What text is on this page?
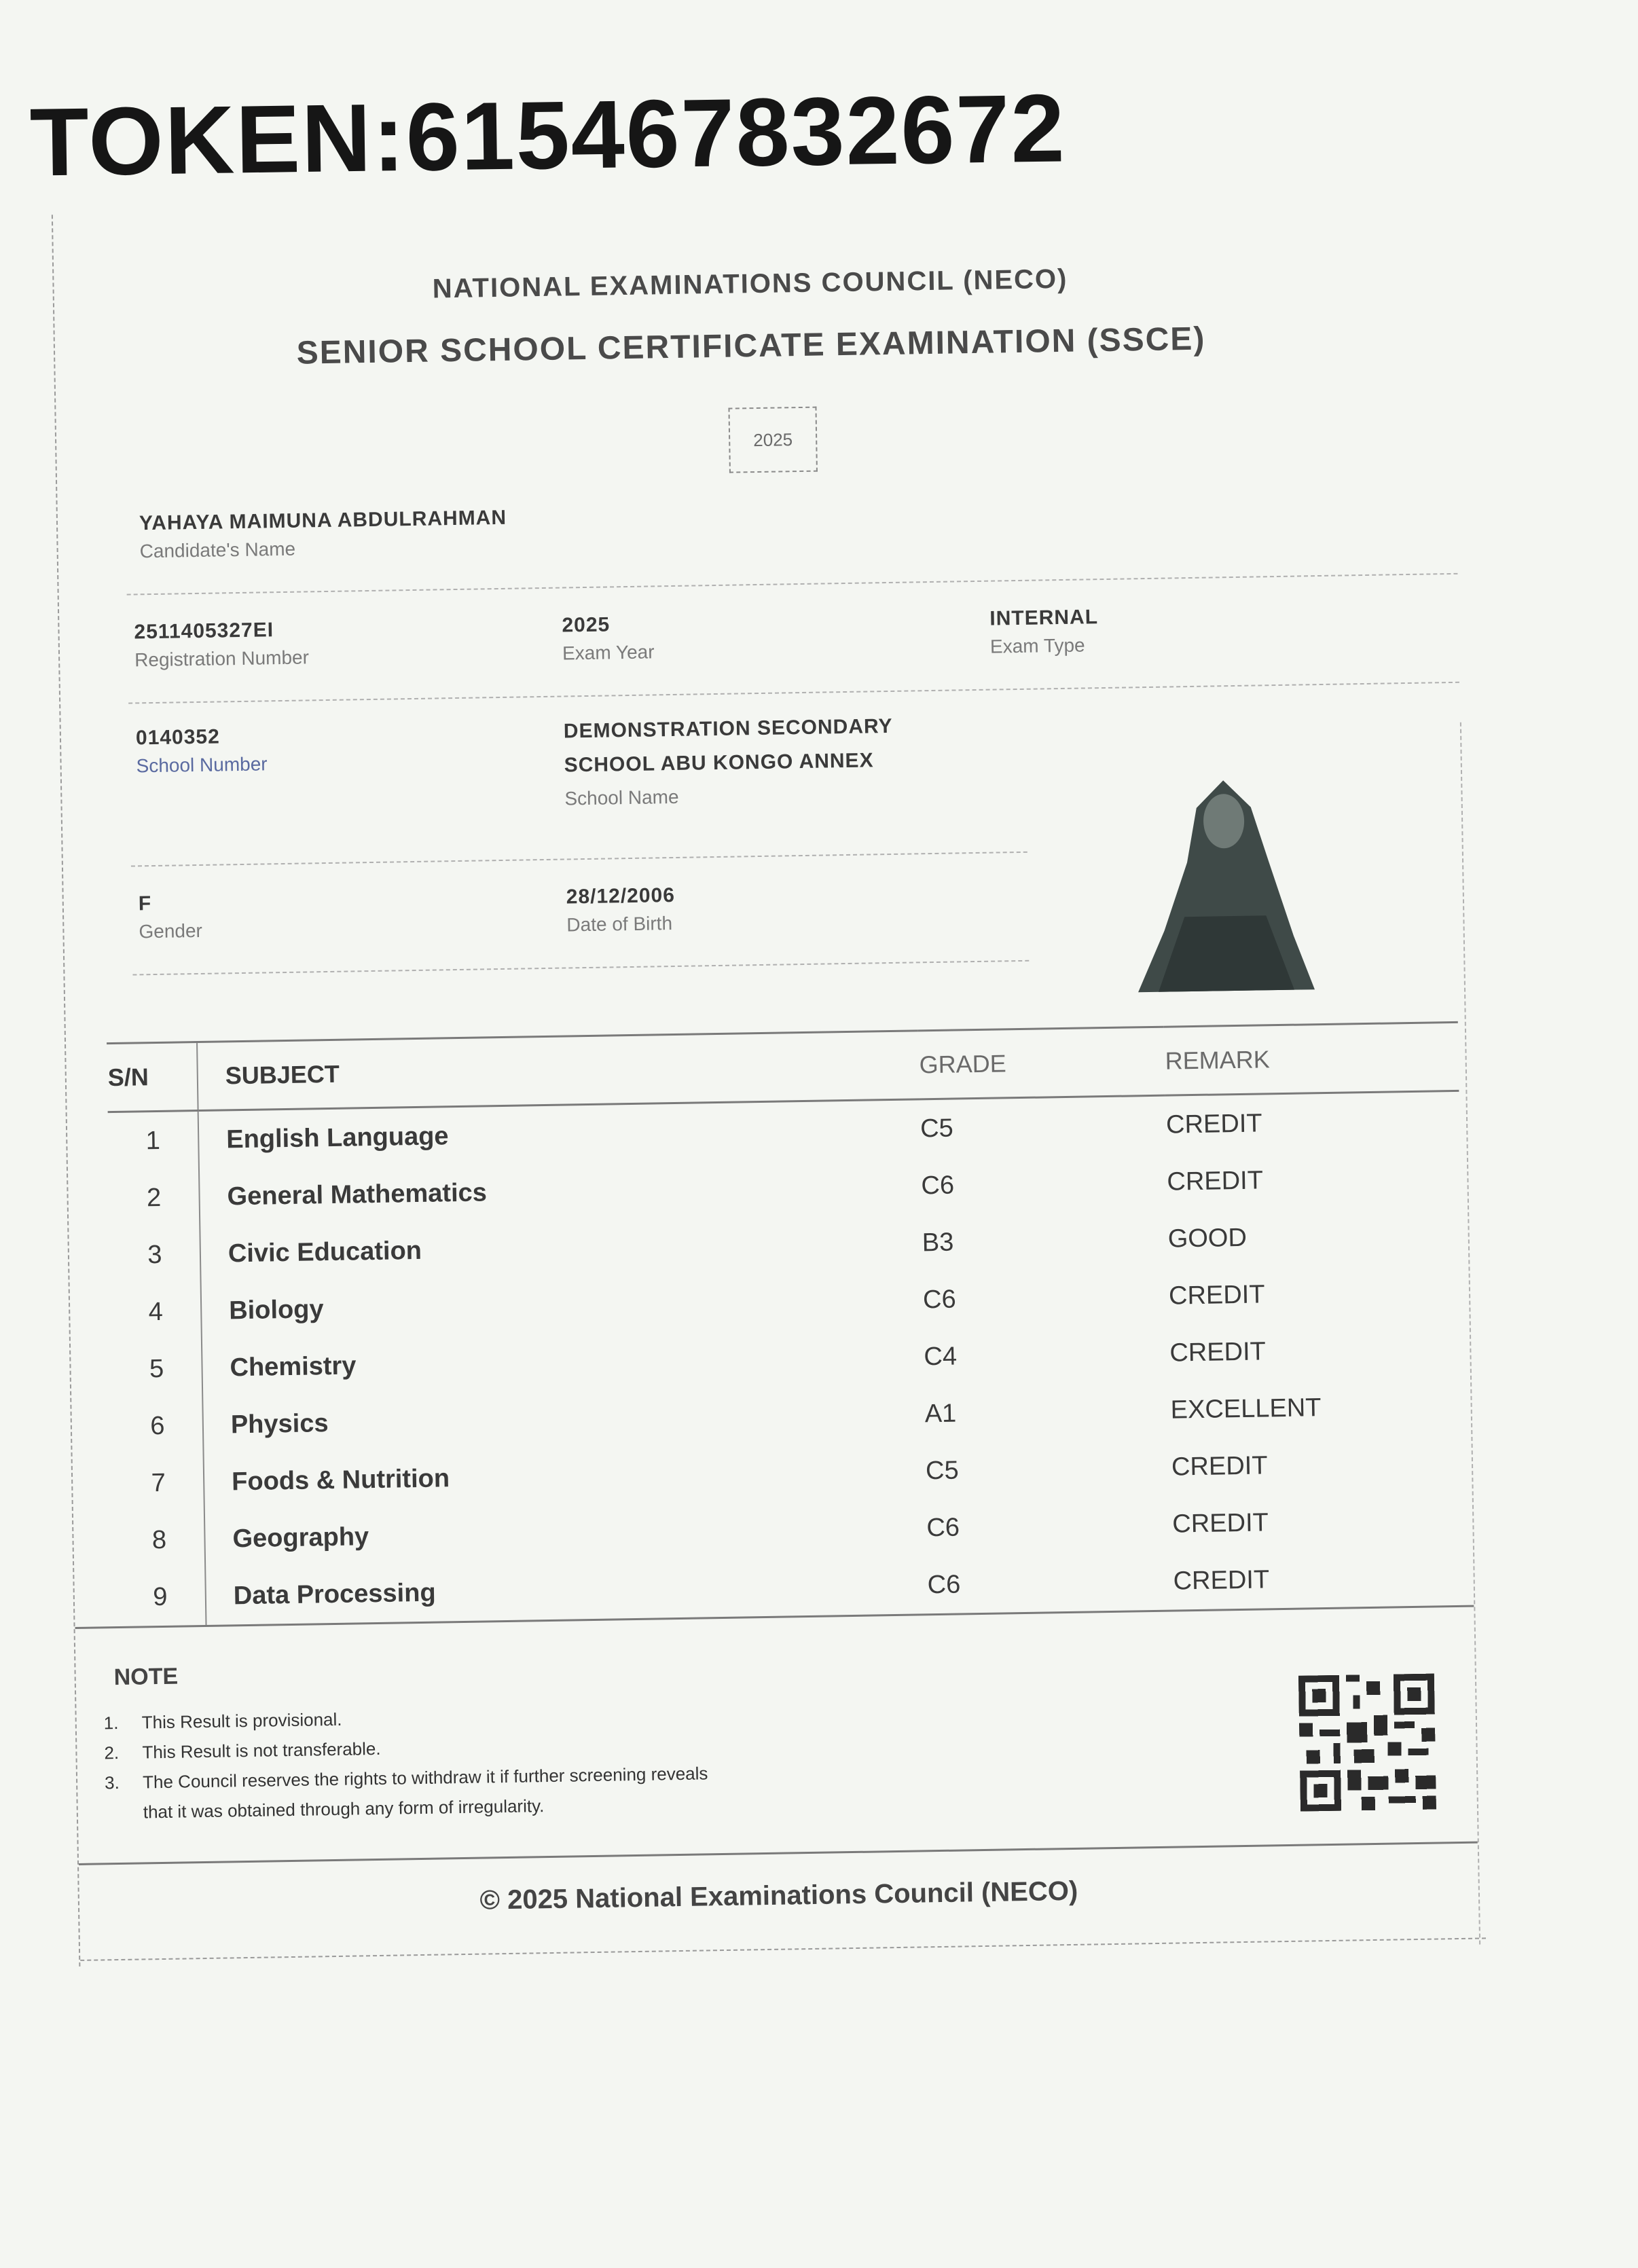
TOKEN:615467832672
NATIONAL EXAMINATIONS COUNCIL (NECO)
SENIOR SCHOOL CERTIFICATE EXAMINATION (SSCE)
2025
YAHAYA MAIMUNA ABDULRAHMAN
Candidate's Name
2511405327EI
Registration Number
2025
Exam Year
INTERNAL
Exam Type
0140352
School Number
DEMONSTRATION SECONDARY
SCHOOL ABU KONGO ANNEX
School Name
F
Gender
28/12/2006
Date of Birth
S/N	SUBJECT	GRADE	REMARK
1	English Language	C5	CREDIT
2	General Mathematics	C6	CREDIT
3	Civic Education	B3	GOOD
4	Biology	C6	CREDIT
5	Chemistry	C4	CREDIT
6	Physics	A1	EXCELLENT
7	Foods & Nutrition	C5	CREDIT
8	Geography	C6	CREDIT
9	Data Processing	C6	CREDIT
NOTE
1. This Result is provisional.
2. This Result is not transferable.
3. The Council reserves the rights to withdraw it if further screening reveals
that it was obtained through any form of irregularity.
© 2025 National Examinations Council (NECO)
